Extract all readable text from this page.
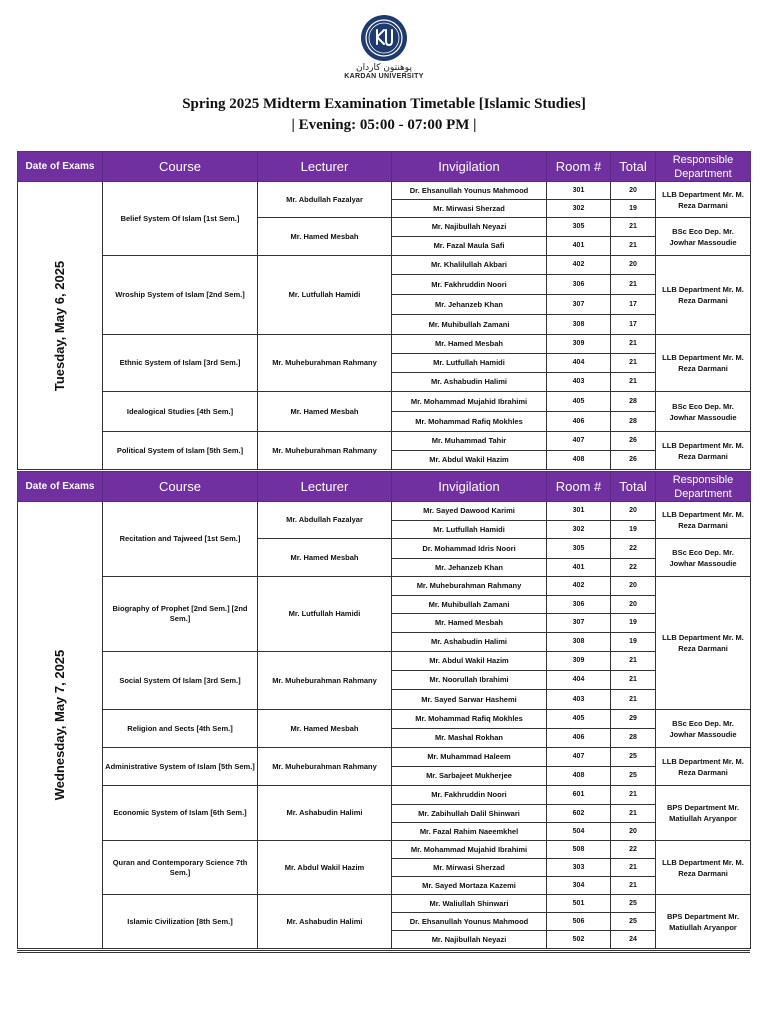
پوهنتون کاردان
KARDAN UNIVERSITY
Spring 2025 Midterm Examination Timetable [Islamic Studies]
| Evening: 05:00 - 07:00 PM |
Date of Exams	Course	Lecturer	Invigilation	Room #	Total	Responsible Department

Tuesday, May 6, 2025	Belief System Of Islam [1st Sem.]	Mr. Abdullah Fazalyar	Dr. Ehsanullah Younus Mahmood	301	20	LLB Department Mr. M. Reza Darmani
			Mr. Mirwasi Sherzad	302	19	
		Mr. Hamed Mesbah	Mr. Najibullah Neyazi	305	21	BSc Eco Dep. Mr. Jowhar Massoudie
			Mr. Fazal Maula Safi	401	21	
	Wroship System of Islam [2nd Sem.]	Mr. Lutfullah Hamidi	Mr. Khalilullah Akbari	402	20	LLB Department Mr. M. Reza Darmani
			Mr. Fakhruddin Noori	306	21	
			Mr. Jehanzeb Khan	307	17	
			Mr. Muhibullah Zamani	308	17	
	Ethnic System of Islam [3rd Sem.]	Mr. Muheburahman Rahmany	Mr. Hamed Mesbah	309	21	LLB Department Mr. M. Reza Darmani
			Mr. Lutfullah Hamidi	404	21	
			Mr. Ashabudin Halimi	403	21	
	Idealogical Studies [4th Sem.]	Mr. Hamed Mesbah	Mr. Mohammad Mujahid Ibrahimi	405	28	BSc Eco Dep. Mr. Jowhar Massoudie
			Mr. Mohammad Rafiq Mokhles	406	28	
	Political System of Islam [5th Sem.]	Mr. Muheburahman Rahmany	Mr. Muhammad Tahir	407	26	LLB Department Mr. M. Reza Darmani
			Mr. Abdul Wakil Hazim	408	26	
Date of Exams	Course	Lecturer	Invigilation	Room #	Total	Responsible Department

Wednesday, May 7, 2025	Recitation and Tajweed [1st Sem.]	Mr. Abdullah Fazalyar	Mr. Sayed Dawood Karimi	301	20	LLB Department Mr. M. Reza Darmani
			Mr. Lutfullah Hamidi	302	19	
		Mr. Hamed Mesbah	Dr. Mohammad Idris Noori	305	22	BSc Eco Dep. Mr. Jowhar Massoudie
			Mr. Jehanzeb Khan	401	22	
	Biography of Prophet [2nd Sem.] [2nd Sem.]	Mr. Lutfullah Hamidi	Mr. Muheburahman Rahmany	402	20	LLB Department Mr. M. Reza Darmani
			Mr. Muhibullah Zamani	306	20	
			Mr. Hamed Mesbah	307	19	
			Mr. Ashabudin Halimi	308	19	
	Social System Of Islam [3rd Sem.]	Mr. Muheburahman Rahmany	Mr. Abdul Wakil Hazim	309	21	
			Mr. Noorullah Ibrahimi	404	21	
			Mr. Sayed Sarwar Hashemi	403	21	
	Religion and Sects [4th Sem.]	Mr. Hamed Mesbah	Mr. Mohammad Rafiq Mokhles	405	29	BSc Eco Dep. Mr. Jowhar Massoudie
			Mr. Mashal Rokhan	406	28	
	Administrative System of Islam [5th Sem.]	Mr. Muheburahman Rahmany	Mr. Muhammad Haleem	407	25	LLB Department Mr. M. Reza Darmani
			Mr. Sarbajeet Mukherjee	408	25	
	Economic System of Islam [6th Sem.]	Mr. Ashabudin Halimi	Mr. Fakhruddin Noori	601	21	BPS Department Mr. Matiullah Aryanpor
			Mr. Zabihullah Dalil Shinwari	602	21	
			Mr. Fazal Rahim Naeemkhel	504	20	
	Quran and Contemporary Science 7th Sem.]	Mr. Abdul Wakil Hazim	Mr. Mohammad Mujahid Ibrahimi	508	22	LLB Department Mr. M. Reza Darmani
			Mr. Mirwasi Sherzad	303	21	
			Mr. Sayed Mortaza Kazemi	304	21	
	Islamic Civilization [8th Sem.]	Mr. Ashabudin Halimi	Mr. Waliullah Shinwari	501	25	BPS Department Mr. Matiullah Aryanpor
			Dr. Ehsanullah Younus Mahmood	506	25	
			Mr. Najibullah Neyazi	502	24	
